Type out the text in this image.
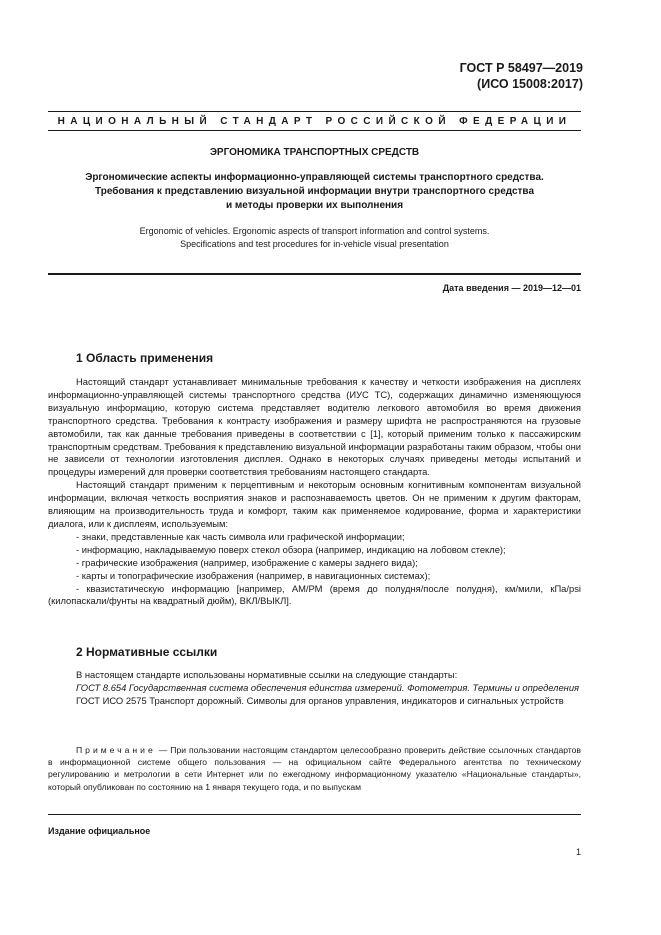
ГОСТ Р 58497—2019
(ИСО 15008:2017)
НАЦИОНАЛЬНЫЙ СТАНДАРТ РОССИЙСКОЙ ФЕДЕРАЦИИ
ЭРГОНОМИКА ТРАНСПОРТНЫХ СРЕДСТВ
Эргономические аспекты информационно-управляющей системы транспортного средства.
Требования к представлению визуальной информации внутри транспортного средства
и методы проверки их выполнения
Ergonomic of vehicles. Ergonomic aspects of transport information and control systems.
Specifications and test procedures for in-vehicle visual presentation
Дата введения — 2019—12—01
1 Область применения

Настоящий стандарт устанавливает минимальные требования к качеству и четкости изображения на дисплеях информационно-управляющей системы транспортного средства (ИУС ТС), содержащих динамично изменяющуюся визуальную информацию, которую система представляет водителю легкового автомобиля во время движения транспортного средства. Требования к контрасту изображения и размеру шрифта не распространяются на грузовые автомобили, так как данные требования приведены в соответствии с [1], который применим только к пассажирским транспортным средствам. Требования к представлению визуальной информации разработаны таким образом, чтобы они не зависели от технологии изготовления дисплея. Однако в некоторых случаях приведены методы испытаний и процедуры измерений для проверки соответствия требованиям настоящего стандарта.

Настоящий стандарт применим к перцептивным и некоторым основным когнитивным компонентам визуальной информации, включая четкость восприятия знаков и распознаваемость цветов. Он не применим к другим факторам, влияющим на производительность труда и комфорт, таким как применяемое кодирование, форма и характеристики диалога, или к дисплеям, используемым:

- знаки, представленные как часть символа или графической информации;

- информацию, накладываемую поверх стекол обзора (например, индикацию на лобовом стекле);

- графические изображения (например, изображение с камеры заднего вида);

- карты и топографические изображения (например, в навигационных системах);

- квазистатическую информацию [например, АМ/РМ (время до полудня/после полудня), км/мили, кПа/psi (килопаскали/фунты на квадратный дюйм), ВКЛ/ВЫКЛ].

2 Нормативные ссылки

В настоящем стандарте использованы нормативные ссылки на следующие стандарты:

ГОСТ 8.654 Государственная система обеспечения единства измерений. Фотометрия. Термины и определения

ГОСТ ИСО 2575 Транспорт дорожный. Символы для органов управления, индикаторов и сигнальных устройств

Примечание — При пользовании настоящим стандартом целесообразно проверить действие ссылочных стандартов в информационной системе общего пользования — на официальном сайте Федерального агентства по техническому регулированию и метрологии в сети Интернет или по ежегодному информационному указателю «Национальные стандарты», который опубликован по состоянию на 1 января текущего года, и по выпускам
Издание официальное
1
